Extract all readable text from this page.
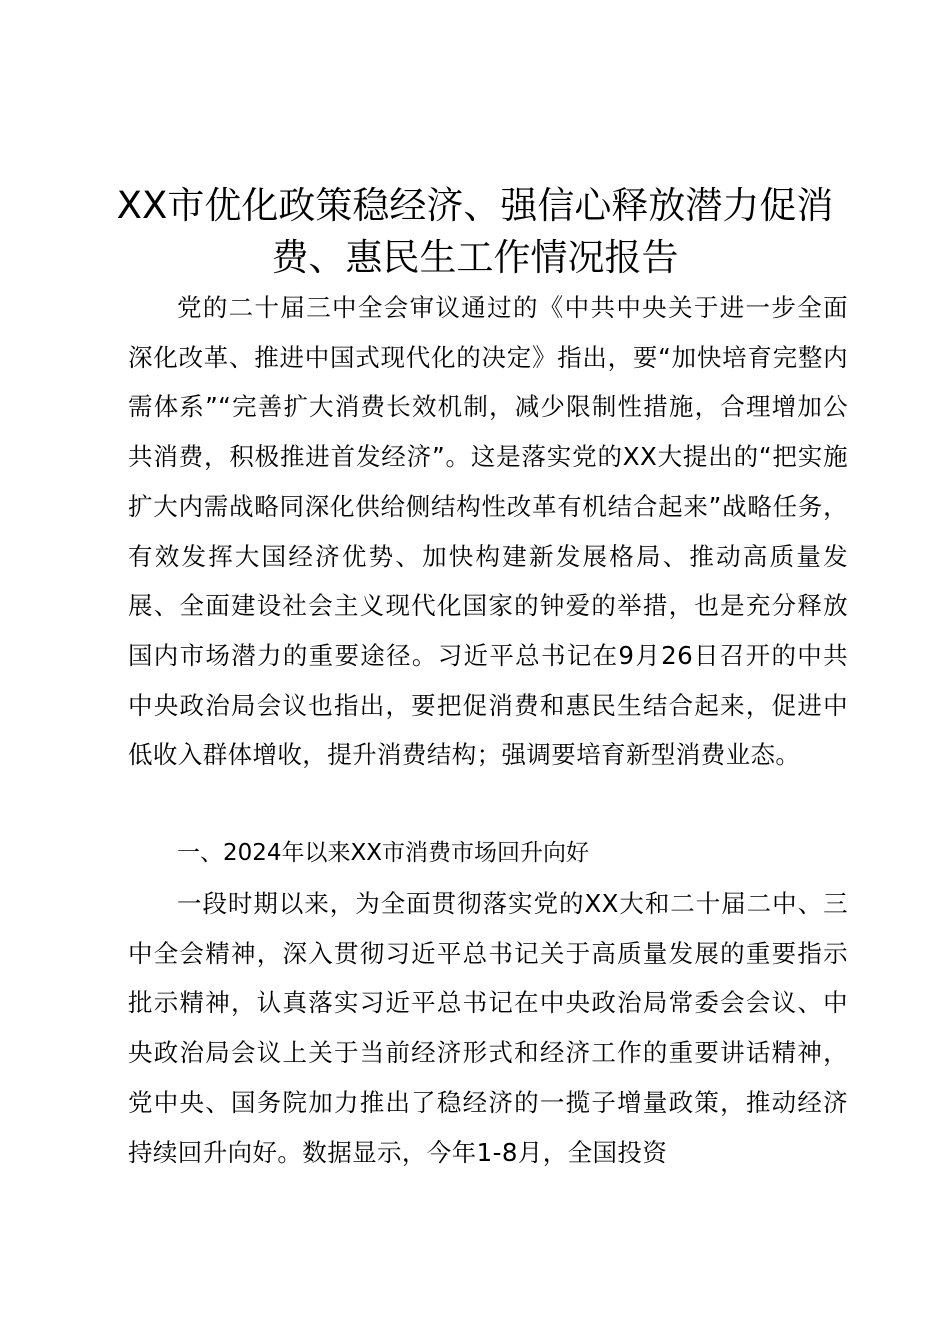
XX市优化政策稳经济、强信心释放潜力促消费、惠民生工作情况报告

党的二十届三中全会审议通过的《中共中央关于进一步全面深化改革、推进中国式现代化的决定》指出，要“加快培育完整内需体系”“完善扩大消费长效机制，减少限制性措施，合理增加公共消费，积极推进首发经济”。这是落实党的XX大提出的“把实施扩大内需战略同深化供给侧结构性改革有机结合起来”战略任务，有效发挥大国经济优势、加快构建新发展格局、推动高质量发展、全面建设社会主义现代化国家的钟爱的举措，也是充分释放国内市场潜力的重要途径。习近平总书记在9月26日召开的中共中央政治局会议也指出，要把促消费和惠民生结合起来，促进中低收入群体增收，提升消费结构；强调要培育新型消费业态。

一、2024年以来XX市消费市场回升向好

一段时期以来，为全面贯彻落实党的XX大和二十届二中、三中全会精神，深入贯彻习近平总书记关于高质量发展的重要指示批示精神，认真落实习近平总书记在中央政治局常委会会议、中央政治局会议上关于当前经济形式和经济工作的重要讲话精神，党中央、国务院加力推出了稳经济的一揽子增量政策，推动经济持续回升向好。数据显示，今年1-8月，全国投资
